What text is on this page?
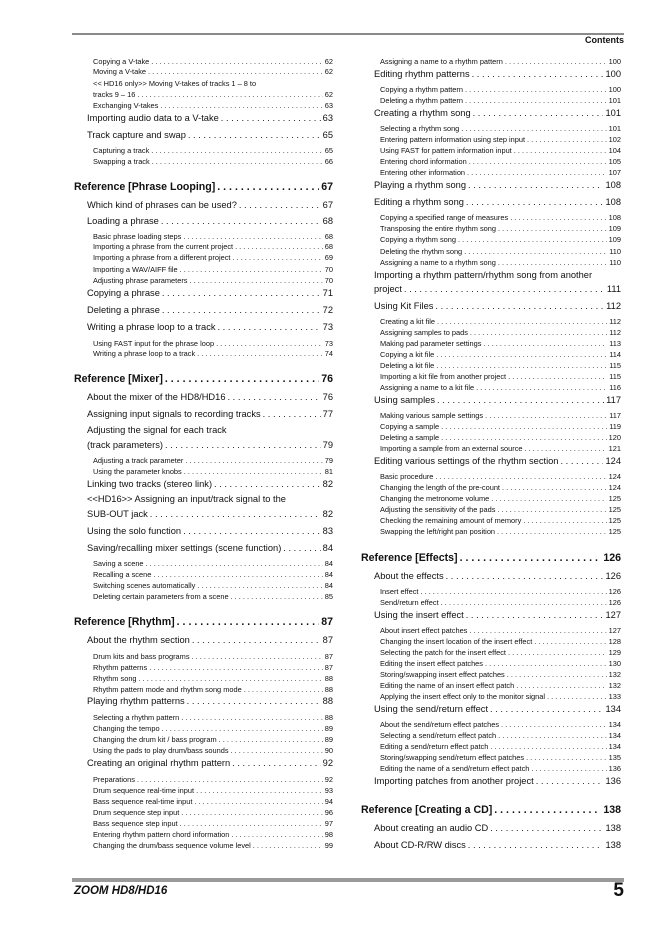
Contents
Copying a V-take . . .	62
Moving a V-take . . .	62
<< HD16 only>> Moving V-takes of tracks 1 – 8 to
tracks 9 – 16 . . .	62
Exchanging V-takes . . .	63
Importing audio data to a V-take . . .	63
Track capture and swap . . .	65
Capturing a track . . .	65
Swapping a track . . .	66
Reference [Phrase Looping] . . .	67
Which kind of phrases can be used? . . .	67
Loading a phrase . . .	68
Basic phrase loading steps . . .	68
Importing a phrase from the current project . . .	68
Importing a phrase from a different project . . .	69
Importing a WAV/AIFF file . . .	70
Adjusting phrase parameters . . .	70
Copying a phrase . . .	71
Deleting a phrase . . .	72
Writing a phrase loop to a track . . .	73
Using FAST input for the phrase loop . . .	73
Writing a phrase loop to a track . . .	74
Reference [Mixer] . . .	76
About the mixer of the HD8/HD16 . . .	76
Assigning input signals to recording tracks . . .	77
Adjusting the signal for each track
(track parameters) . . .	79
Adjusting a track parameter . . .	79
Using the parameter knobs . . .	81
Linking two tracks (stereo link) . . .	82
<<HD16>> Assigning an input/track signal to the
SUB-OUT jack . . .	82
Using the solo function . . .	83
Saving/recalling mixer settings (scene function) . . .	84
Saving a scene . . .	84
Recalling a scene . . .	84
Switching scenes automatically . . .	84
Deleting certain parameters from a scene . . .	85
Reference [Rhythm] . . .	87
About the rhythm section . . .	87
Drum kits and bass programs . . .	87
Rhythm patterns . . .	87
Rhythm song . . .	88
Rhythm pattern mode and rhythm song mode . . .	88
Playing rhythm patterns . . .	88
Selecting a rhythm pattern . . .	88
Changing the tempo . . .	89
Changing the drum kit / bass program . . .	89
Using the pads to play drum/bass sounds . . .	90
Creating an original rhythm pattern . . .	92
Preparations . . .	92
Drum sequence real-time input . . .	93
Bass sequence real-time input . . .	94
Drum sequence step input . . .	96
Bass sequence step input . . .	97
Entering rhythm pattern chord information . . .	98
Changing the drum/bass sequence volume level . . .	99
Assigning a name to a rhythm pattern . . .	100
Editing rhythm patterns . . .	100
Copying a rhythm pattern . . .	100
Deleting a rhythm pattern . . .	101
Creating a rhythm song . . .	101
Selecting a rhythm song . . .	101
Entering pattern information using step input . . .	102
Using FAST for pattern information input . . .	104
Entering chord information . . .	105
Entering other information . . .	107
Playing a rhythm song . . .	108
Editing a rhythm song . . .	108
Copying a specified range of measures . . .	108
Transposing the entire rhythm song . . .	109
Copying a rhythm song . . .	109
Deleting the rhythm song . . .	110
Assigning a name to a rhythm song . . .	110
Importing a rhythm pattern/rhythm song from another
project . . .	111
Using Kit Files . . .	112
Creating a kit file . . .	112
Assigning samples to pads . . .	112
Making pad parameter settings . . .	113
Copying a kit file . . .	114
Deleting a kit file . . .	115
Importing a kit file from another project . . .	115
Assigning a name to a kit file . . .	116
Using samples . . .	117
Making various sample settings . . .	117
Copying a sample . . .	119
Deleting a sample . . .	120
Importing a sample from an external source . . .	121
Editing various settings of the rhythm section . . .	124
Basic procedure . . .	124
Changing the length of the pre-count . . .	124
Changing the metronome volume . . .	125
Adjusting the sensitivity of the pads . . .	125
Checking the remaining amount of memory . . .	125
Swapping the left/right pan position . . .	125
Reference [Effects] . . .	126
About the effects . . .	126
Insert effect . . .	126
Send/return effect . . .	126
Using the insert effect . . .	127
About insert effect patches . . .	127
Changing the insert location of the insert effect . . .	128
Selecting the patch for the insert effect . . .	129
Editing the insert effect patches . . .	130
Storing/swapping insert effect patches . . .	132
Editing the name of an insert effect patch . . .	132
Applying the insert effect only to the monitor signal . . .	133
Using the send/return effect . . .	134
About the send/return effect patches . . .	134
Selecting a send/return effect patch . . .	134
Editing a send/return effect patch . . .	134
Storing/swapping send/return effect patches . . .	135
Editing the name of a send/return effect patch . . .	136
Importing patches from another project . . .	136
Reference [Creating a CD] . . .	138
About creating an audio CD . . .	138
About CD-R/RW discs . . .	138
ZOOM HD8/HD16	5
